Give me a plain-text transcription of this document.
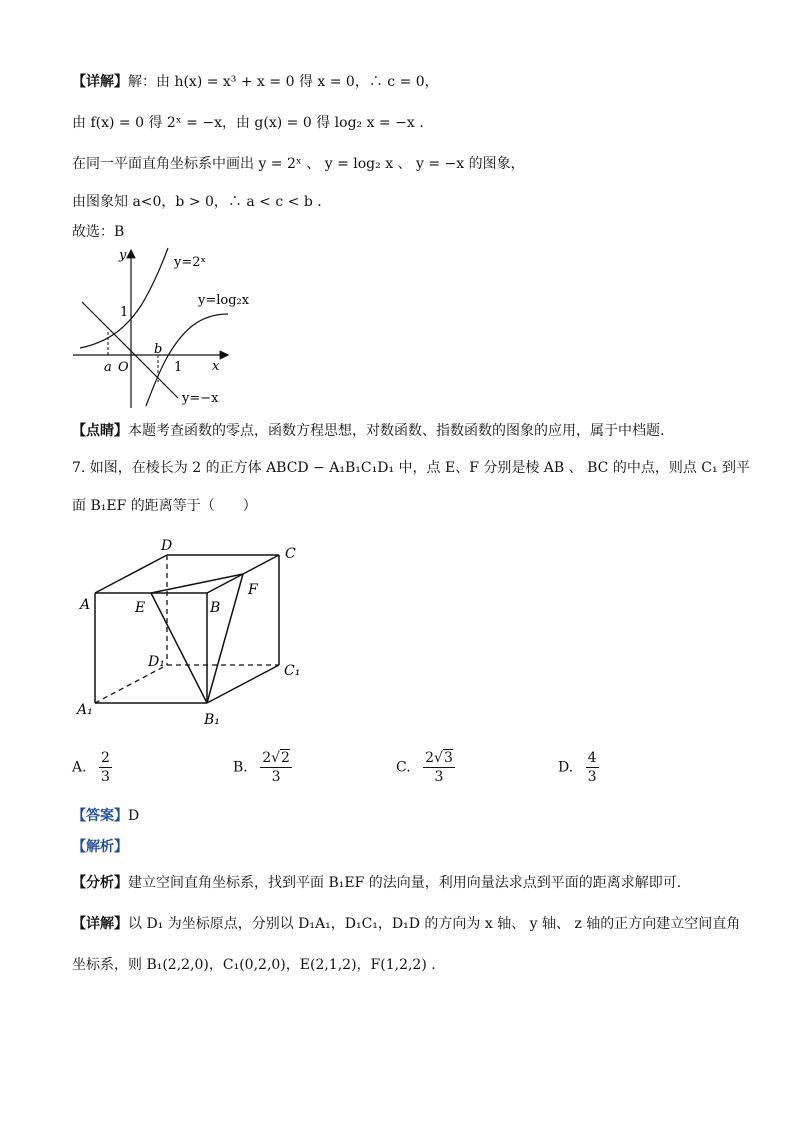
【详解】解：由 h(x) = x³ + x = 0 得 x = 0，∴ c = 0，
由 f(x) = 0 得 2ˣ = −x，由 g(x) = 0 得 log₂ x = −x .
在同一平面直角坐标系中画出 y = 2ˣ 、 y = log₂ x 、 y = −x 的图象，
由图象知 a<0，b > 0，∴ a < c < b .
故选：B
y
x
O
1
1
a
b
y=2ˣ
y=log₂x
y=−x
【点睛】本题考查函数的零点，函数方程思想，对数函数、指数函数的图象的应用，属于中档题.
7. 如图，在棱长为 2 的正方体 ABCD − A₁B₁C₁D₁ 中，点 E、F 分别是棱 AB 、 BC 的中点，则点 C₁ 到平
面 B₁EF 的距离等于（　　）
D	C
A	E	B
F
D₁
C₁
A₁
B₁
A. $\frac{2}{3}$	B. $\frac{2√2}{3}$	C. $\frac{2√3}{3}$	D. $\frac{4}{3}$
【答案】D
【解析】
【分析】建立空间直角坐标系，找到平面 B₁EF 的法向量，利用向量法求点到平面的距离求解即可.
【详解】以 D₁ 为坐标原点，分别以 D₁A₁，D₁C₁，D₁D 的方向为 x 轴、 y 轴、 z 轴的正方向建立空间直角
坐标系，则 B₁(2,2,0)，C₁(0,2,0)，E(2,1,2)，F(1,2,2) .
